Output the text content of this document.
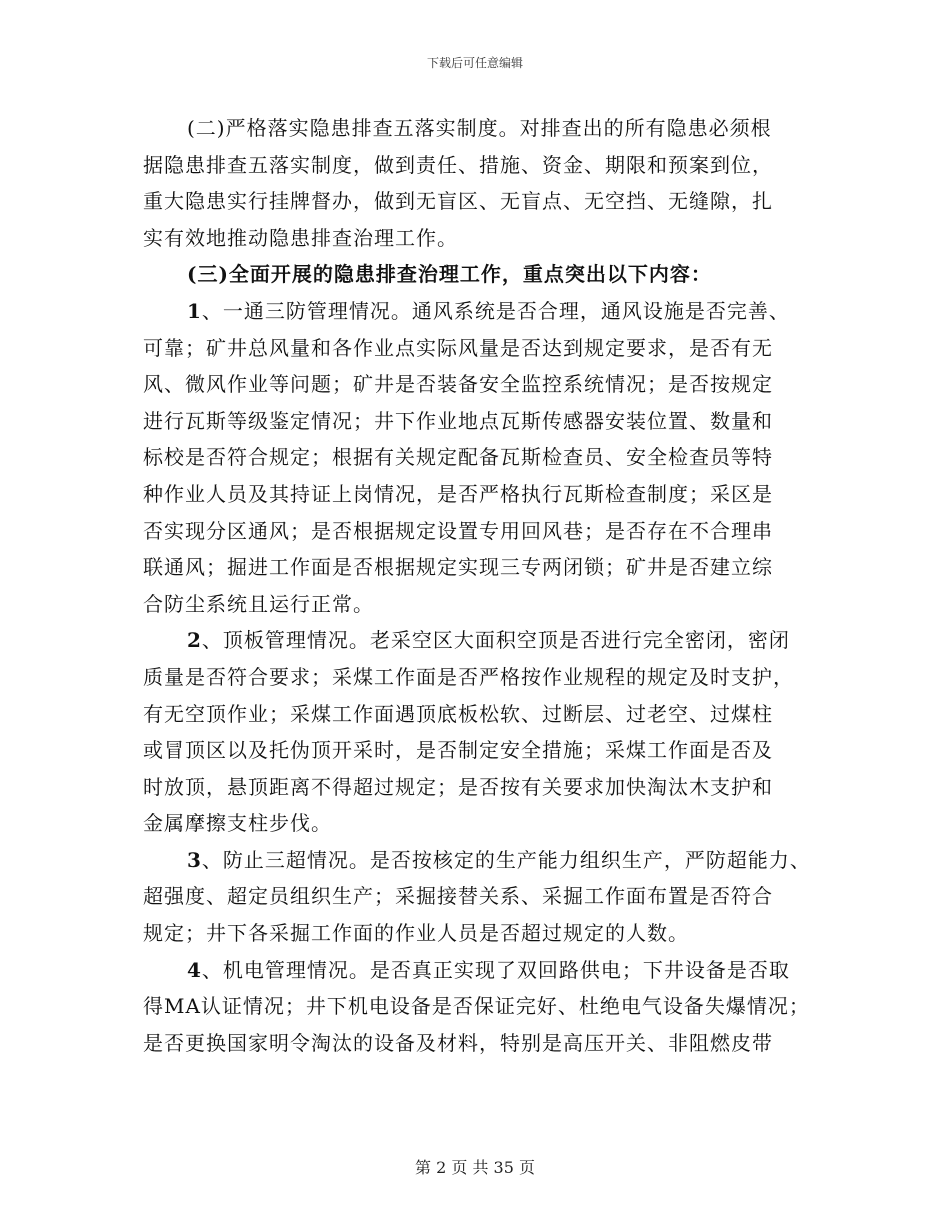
下载后可任意编辑
(二)严格落实隐患排查五落实制度。对排查出的所有隐患必须根
据隐患排查五落实制度，做到责任、措施、资金、期限和预案到位，
重大隐患实行挂牌督办，做到无盲区、无盲点、无空挡、无缝隙，扎
实有效地推动隐患排查治理工作。
(三)全面开展的隐患排查治理工作，重点突出以下内容：
1、一通三防管理情况。通风系统是否合理，通风设施是否完善、
可靠；矿井总风量和各作业点实际风量是否达到规定要求，是否有无
风、微风作业等问题；矿井是否装备安全监控系统情况；是否按规定
进行瓦斯等级鉴定情况；井下作业地点瓦斯传感器安装位置、数量和
标校是否符合规定；根据有关规定配备瓦斯检查员、安全检查员等特
种作业人员及其持证上岗情况，是否严格执行瓦斯检查制度；采区是
否实现分区通风；是否根据规定设置专用回风巷；是否存在不合理串
联通风；掘进工作面是否根据规定实现三专两闭锁；矿井是否建立综
合防尘系统且运行正常。
2、顶板管理情况。老采空区大面积空顶是否进行完全密闭，密闭
质量是否符合要求；采煤工作面是否严格按作业规程的规定及时支护，
有无空顶作业；采煤工作面遇顶底板松软、过断层、过老空、过煤柱
或冒顶区以及托伪顶开采时，是否制定安全措施；采煤工作面是否及
时放顶，悬顶距离不得超过规定；是否按有关要求加快淘汰木支护和
金属摩擦支柱步伐。
3、防止三超情况。是否按核定的生产能力组织生产，严防超能力、
超强度、超定员组织生产；采掘接替关系、采掘工作面布置是否符合
规定；井下各采掘工作面的作业人员是否超过规定的人数。
4、机电管理情况。是否真正实现了双回路供电；下井设备是否取
得MA认证情况；井下机电设备是否保证完好、杜绝电气设备失爆情况；
是否更换国家明令淘汰的设备及材料，特别是高压开关、非阻燃皮带
第 2 页 共 35 页
